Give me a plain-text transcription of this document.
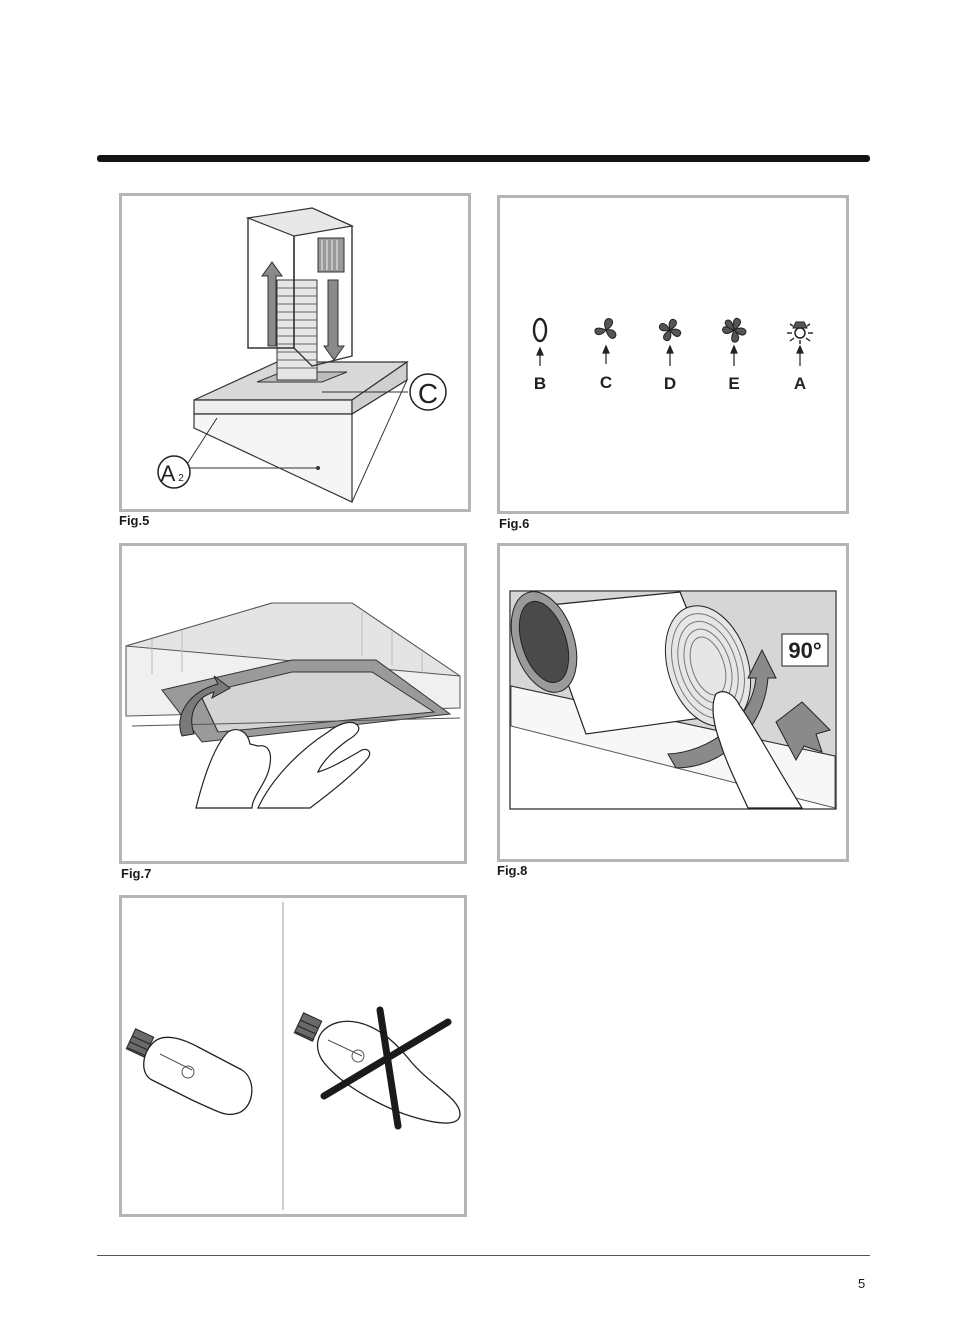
C
A 2
Fig.5
B	C	D	E	A
Fig.6
Fig.7
90°
Fig.8
5
